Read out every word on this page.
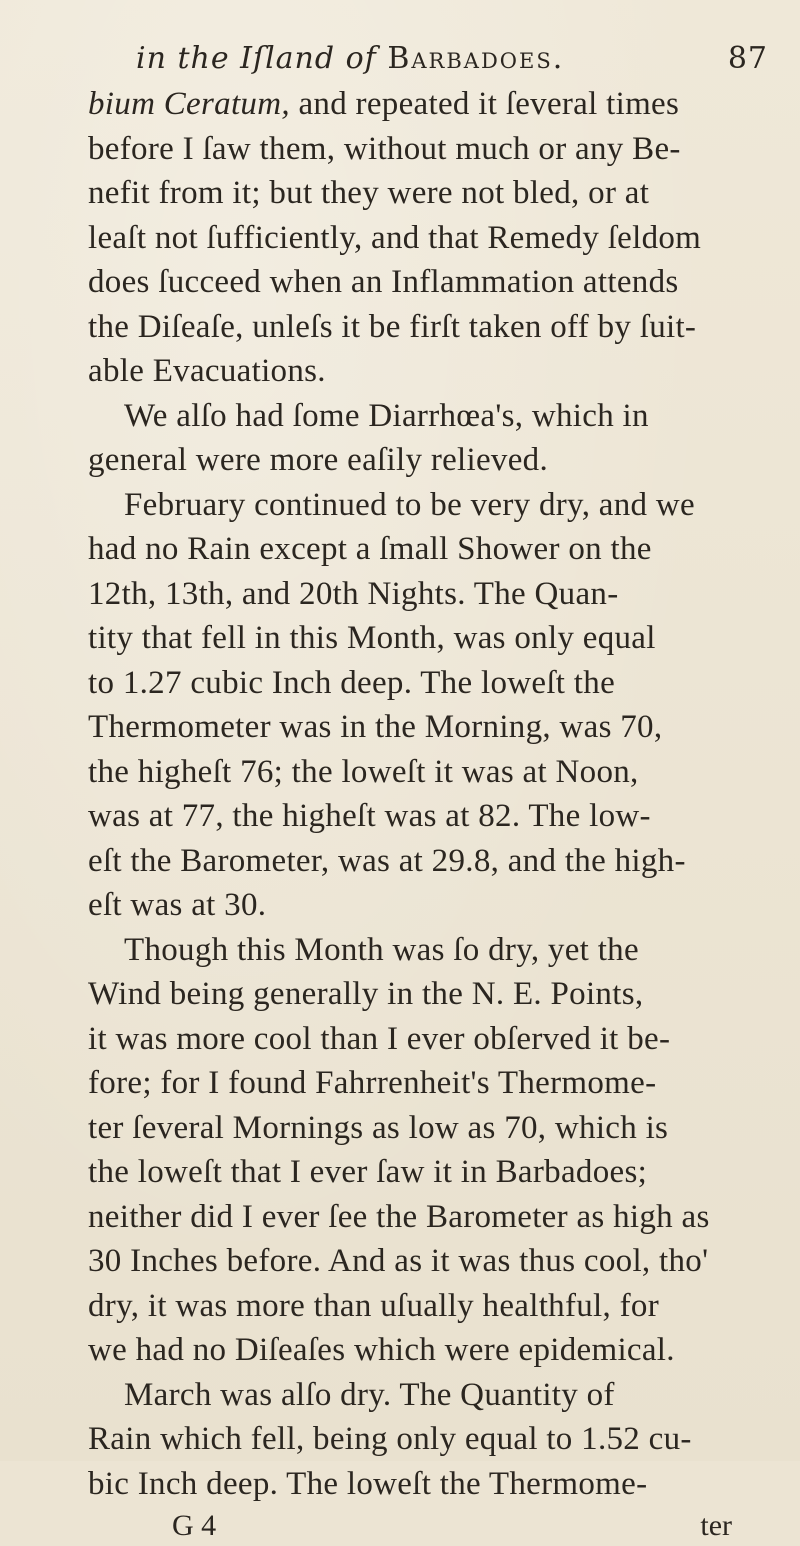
in the Iſland of Barbadoes.	87
bium Ceratum, and repeated it ſeveral times
before I ſaw them, without much or any Be-
nefit from it; but they were not bled, or at
leaſt not ſufficiently, and that Remedy ſeldom
does ſucceed when an Inflammation attends
the Diſeaſe, unleſs it be firſt taken off by ſuit-
able Evacuations.
We alſo had ſome Diarrhœa's, which in
general were more eaſily relieved.
February continued to be very dry, and we
had no Rain except a ſmall Shower on the
12th, 13th, and 20th Nights. The Quan-
tity that fell in this Month, was only equal
to 1.27 cubic Inch deep. The loweſt the
Thermometer was in the Morning, was 70,
the higheſt 76; the loweſt it was at Noon,
was at 77, the higheſt was at 82. The low-
eſt the Barometer, was at 29.8, and the high-
eſt was at 30.
Though this Month was ſo dry, yet the
Wind being generally in the N. E. Points,
it was more cool than I ever obſerved it be-
fore; for I found Fahrrenheit's Thermome-
ter ſeveral Mornings as low as 70, which is
the loweſt that I ever ſaw it in Barbadoes;
neither did I ever ſee the Barometer as high as
30 Inches before. And as it was thus cool, tho'
dry, it was more than uſually healthful, for
we had no Diſeaſes which were epidemical.
March was alſo dry. The Quantity of
Rain which fell, being only equal to 1.52 cu-
bic Inch deep. The loweſt the Thermome-
G 4	ter
